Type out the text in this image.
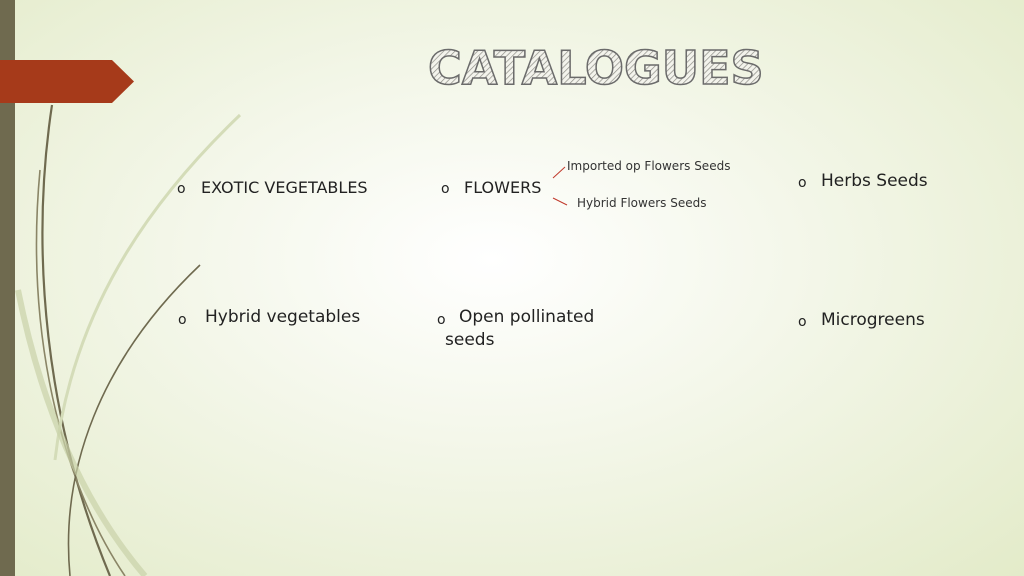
CATALOGUES
o EXOTIC VEGETABLES	o FLOWERS
Imported op Flowers Seeds
Hybrid Flowers Seeds
o Herbs Seeds
o Hybrid vegetables	o Open pollinated
seeds
o Microgreens
